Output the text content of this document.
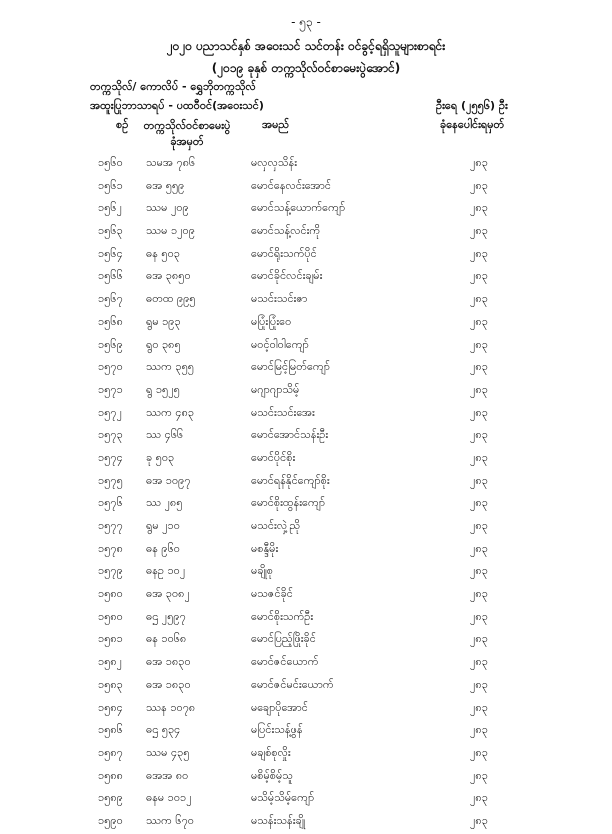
- ၅၃ -
၂၀၂၀ ပညာသင်နှစ် အဝေးသင် သင်တန်း ဝင်ခွင့်ရရှိသူများစာရင်း
(၂၀၁၉ ခုနှစ် တက္ကသိုလ်ဝင်စာမေးပွဲအောင်)
တက္ကသိုလ်/ ကောလိပ် - ရွှေဘိုတက္ကသိုလ်
အထူးပြုဘာသာရပ် - ပထဝီဝင်(အဝေးသင်)	ဦးရေ (၂၅၅၆) ဦး
စဉ် တက္ကသိုလ်ဝင်စာမေးပွဲ ခုံအမှတ်
အမည်	ခုံနေပေါင်းရမှတ်
၁၅၆၀ သမအ ၇၈၆	မလှလှသိန်း	၂၈၃
၁၅၆၁ ဓအ ၅၅၉	မောင်နေလင်းအောင်	၂၈၃
၁၅၆၂ ဿမ ၂၀၉	မောင်သန့်ယောက်ကျော်	၂၈၃
၁၅၆၃ ဿမ ၁၂၀၉	မောင်သန့်လင်းကို	၂၈၃
၁၅၆၄ ဓန ၅၀၃	မောင်ရိုးသက်ပိုင်	၂၈၃
၁၅၆၆ ဓအ ၃၈၅၀	မောင်ခိုင်လင်းချမ်း	၂၈၃
၁၅၆၇ ဓတထ ၉၉၅	မသင်းသင်းဇာ	၂၈၃
၁၅၆၈ ရွမ ၁၉၃	မပြုံးပြုံးဝေ	၂၈၃
၁၅၆၉ ရွဝ ၃၈၅	မဝင့်ဝါဝါကျော်	၂၈၃
၁၅၇၀ ဿက ၃၅၅	မောင်မြင့်မြတ်ကျော်	၂၈၃
၁၅၇၁ ရွ ၁၅၂၅	မဂျာဂျာသိမ့်	၂၈၃
၁၅၇၂ ဿက ၄၈၃	မသင်းသင်းအေး	၂၈၃
၁၅၇၃ ဿ ၄၆၆	မောင်အောင်သန်းဦး	၂၈၃
၁၅၇၄ ခု ၅၀၃	မောင်ပိုင်စိုး	၂၈၃
၁၅၇၅ ဓအ ၁၀၉၇	မောင်ရန်နိုင်ကျော်စိုး	၂၈၃
၁၅၇၆ ဿ ၂၈၅	မောင်စိုးထွန်းကျော်	၂၈၃
၁၅၇၇ ရွမ ၂၁၀	မသင်းလှဲ့ညို	၂၈၃
၁၅၇၈ ဓန ၉၆၀	မစန္ဒီမိုး	၂၈၃
၁၅၇၉ ဓနဥ ၁၀၂	မချိုစု	၂၈၃
၁၅၈၀ ဓအ ၃၀၈၂	မသဇင်ခိုင်	၂၈၃
၁၅၈၀ ဓဌ ၂၅၉၇	မောင်စိုးသက်ဦး	၂၈၃
၁၅၈၁ ဓန ၁၀၆၈	မောင်ပြည့်ဖြိုးခိုင်	၂၈၃
၁၅၈၂ ဓအ ၁၈၃၀	မောင်ဇင်ယောက်	၂၈၃
၁၅၈၃ ဓအ ၁၈၃၀	မောင်ဇင်မင်းယောက်	၂၈၃
၁၅၈၄ ဿန ၁၀၇၈	မချောပိုအောင်	၂၈၃
၁၅၈၆ ဓဌ ၅၃၄	မပြင်းသန့်ဖွန်	၂၈၃
၁၅၈၇ ဿမ ၄၃၅	မချစ်စုလှိုး	၂၈၃
၁၅၈၈ ဓအအ ၈၀	မစိမ့်စိမ့်သူ	၂၈၃
၁၅၈၉ ဓနမ ၁၀၁၂	မသိမ့်သိမ့်ကျော်	၂၈၃
၁၅၉၀ ဿက ၆၇၀	မသန်းသန်းချို	၂၈၃
